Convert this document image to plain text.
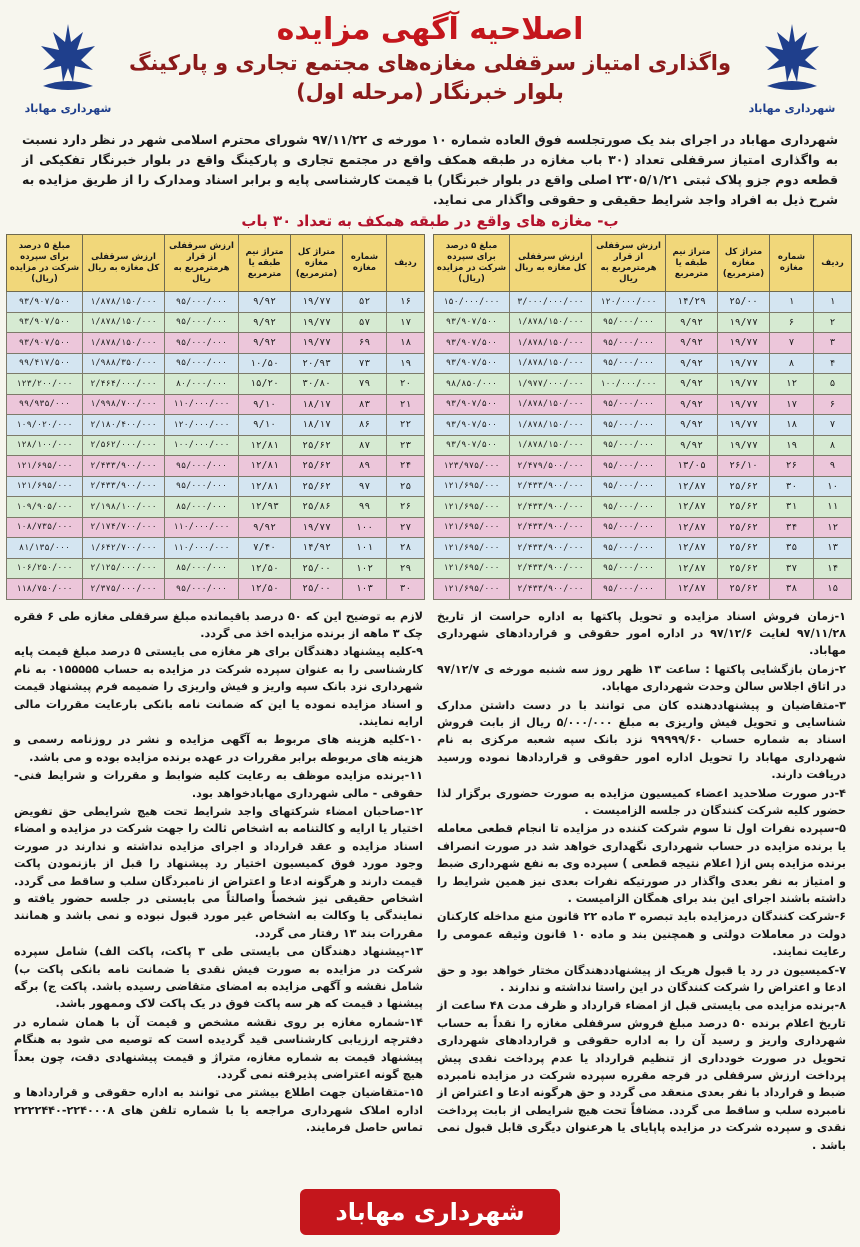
شهرداری مهاباد
شهرداری مهاباد
اصلاحیه آگهی مزایده
واگذاری امتیاز سرقفلی مغازه‌های مجتمع تجاری و پارکینگ
بلوار خبرنگار (مرحله اول)
شهرداری مهاباد در اجرای بند یک صورتجلسه فوق العاده شماره ۱۰ مورخه ی ۹۷/۱۱/۲۲ شورای محترم اسلامی شهر در نظر دارد نسبت به واگذاری امتیاز سرقفلی تعداد (۳۰ باب مغازه در طبقه همکف واقع در مجتمع تجاری و پارکینگ واقع در بلوار خبرنگار تفکیکی از قطعه دوم جزو پلاک ثبتی ۲۳۰۵/۱/۲۱ اصلی واقع در بلوار خبرنگار) با قیمت کارشناسی پایه و برابر اسناد ومدارک را از طریق مزایده به شرح ذیل به افراد واجد شرایط حقیقی و حقوقی واگذار می نماید.
ب- مغازه های واقع در طبقه همکف به تعداد ۳۰ باب
ردیف	شماره مغازه	متراژ کل مغازه (مترمربع)	متراژ نیم طبقه یا مترمربع	ارزش سرقفلی از قرار هرمترمربع به ریال	ارزش سرقفلی کل مغازه به ریال	مبلغ ۵ درصد برای سپرده شرکت در مزایده (ریال)
۱	۱	۲۵/۰۰	۱۴/۲۹	۱۲۰/۰۰۰/۰۰۰	۳/۰۰۰/۰۰۰/۰۰۰	۱۵۰/۰۰۰/۰۰۰
۲	۶	۱۹/۷۷	۹/۹۲	۹۵/۰۰۰/۰۰۰	۱/۸۷۸/۱۵۰/۰۰۰	۹۳/۹۰۷/۵۰۰
۳	۷	۱۹/۷۷	۹/۹۲	۹۵/۰۰۰/۰۰۰	۱/۸۷۸/۱۵۰/۰۰۰	۹۳/۹۰۷/۵۰۰
۴	۸	۱۹/۷۷	۹/۹۲	۹۵/۰۰۰/۰۰۰	۱/۸۷۸/۱۵۰/۰۰۰	۹۳/۹۰۷/۵۰۰
۵	۱۲	۱۹/۷۷	۹/۹۲	۱۰۰/۰۰۰/۰۰۰	۱/۹۷۷/۰۰۰/۰۰۰	۹۸/۸۵۰/۰۰۰
۶	۱۷	۱۹/۷۷	۹/۹۲	۹۵/۰۰۰/۰۰۰	۱/۸۷۸/۱۵۰/۰۰۰	۹۳/۹۰۷/۵۰۰
۷	۱۸	۱۹/۷۷	۹/۹۲	۹۵/۰۰۰/۰۰۰	۱/۸۷۸/۱۵۰/۰۰۰	۹۳/۹۰۷/۵۰۰
۸	۱۹	۱۹/۷۷	۹/۹۲	۹۵/۰۰۰/۰۰۰	۱/۸۷۸/۱۵۰/۰۰۰	۹۳/۹۰۷/۵۰۰
۹	۲۶	۲۶/۱۰	۱۳/۰۵	۹۵/۰۰۰/۰۰۰	۲/۴۷۹/۵۰۰/۰۰۰	۱۲۳/۹۷۵/۰۰۰
۱۰	۳۰	۲۵/۶۲	۱۲/۸۷	۹۵/۰۰۰/۰۰۰	۲/۴۳۳/۹۰۰/۰۰۰	۱۲۱/۶۹۵/۰۰۰
۱۱	۳۱	۲۵/۶۲	۱۲/۸۷	۹۵/۰۰۰/۰۰۰	۲/۴۳۳/۹۰۰/۰۰۰	۱۲۱/۶۹۵/۰۰۰
۱۲	۳۴	۲۵/۶۲	۱۲/۸۷	۹۵/۰۰۰/۰۰۰	۲/۴۳۳/۹۰۰/۰۰۰	۱۲۱/۶۹۵/۰۰۰
۱۳	۳۵	۲۵/۶۲	۱۲/۸۷	۹۵/۰۰۰/۰۰۰	۲/۴۳۳/۹۰۰/۰۰۰	۱۲۱/۶۹۵/۰۰۰
۱۴	۳۷	۲۵/۶۲	۱۲/۸۷	۹۵/۰۰۰/۰۰۰	۲/۴۳۳/۹۰۰/۰۰۰	۱۲۱/۶۹۵/۰۰۰
۱۵	۳۸	۲۵/۶۲	۱۲/۸۷	۹۵/۰۰۰/۰۰۰	۲/۴۳۳/۹۰۰/۰۰۰	۱۲۱/۶۹۵/۰۰۰
ردیف	شماره مغازه	متراژ کل مغازه (مترمربع)	متراژ نیم طبقه یا مترمربع	ارزش سرقفلی از قرار هرمترمربع به ریال	ارزش سرقفلی کل مغازه به ریال	مبلغ ۵ درصد برای سپرده شرکت در مزایده (ریال)
۱۶	۵۲	۱۹/۷۷	۹/۹۲	۹۵/۰۰۰/۰۰۰	۱/۸۷۸/۱۵۰/۰۰۰	۹۳/۹۰۷/۵۰۰
۱۷	۵۷	۱۹/۷۷	۹/۹۲	۹۵/۰۰۰/۰۰۰	۱/۸۷۸/۱۵۰/۰۰۰	۹۳/۹۰۷/۵۰۰
۱۸	۶۹	۱۹/۷۷	۹/۹۲	۹۵/۰۰۰/۰۰۰	۱/۸۷۸/۱۵۰/۰۰۰	۹۳/۹۰۷/۵۰۰
۱۹	۷۳	۲۰/۹۳	۱۰/۵۰	۹۵/۰۰۰/۰۰۰	۱/۹۸۸/۳۵۰/۰۰۰	۹۹/۴۱۷/۵۰۰
۲۰	۷۹	۳۰/۸۰	۱۵/۲۰	۸۰/۰۰۰/۰۰۰	۲/۴۶۴/۰۰۰/۰۰۰	۱۲۳/۲۰۰/۰۰۰
۲۱	۸۳	۱۸/۱۷	۹/۱۰	۱۱۰/۰۰۰/۰۰۰	۱/۹۹۸/۷۰۰/۰۰۰	۹۹/۹۳۵/۰۰۰
۲۲	۸۶	۱۸/۱۷	۹/۱۰	۱۲۰/۰۰۰/۰۰۰	۲/۱۸۰/۴۰۰/۰۰۰	۱۰۹/۰۲۰/۰۰۰
۲۳	۸۷	۲۵/۶۲	۱۲/۸۱	۱۰۰/۰۰۰/۰۰۰	۲/۵۶۲/۰۰۰/۰۰۰	۱۲۸/۱۰۰/۰۰۰
۲۴	۸۹	۲۵/۶۲	۱۲/۸۱	۹۵/۰۰۰/۰۰۰	۲/۴۳۳/۹۰۰/۰۰۰	۱۲۱/۶۹۵/۰۰۰
۲۵	۹۷	۲۵/۶۲	۱۲/۸۱	۹۵/۰۰۰/۰۰۰	۲/۴۳۳/۹۰۰/۰۰۰	۱۲۱/۶۹۵/۰۰۰
۲۶	۹۹	۲۵/۸۶	۱۲/۹۳	۸۵/۰۰۰/۰۰۰	۲/۱۹۸/۱۰۰/۰۰۰	۱۰۹/۹۰۵/۰۰۰
۲۷	۱۰۰	۱۹/۷۷	۹/۹۲	۱۱۰/۰۰۰/۰۰۰	۲/۱۷۴/۷۰۰/۰۰۰	۱۰۸/۷۳۵/۰۰۰
۲۸	۱۰۱	۱۴/۹۲	۷/۴۰	۱۱۰/۰۰۰/۰۰۰	۱/۶۴۲/۷۰۰/۰۰۰	۸۱/۱۳۵/۰۰۰
۲۹	۱۰۲	۲۵/۰۰	۱۲/۵۰	۸۵/۰۰۰/۰۰۰	۲/۱۲۵/۰۰۰/۰۰۰	۱۰۶/۲۵۰/۰۰۰
۳۰	۱۰۳	۲۵/۰۰	۱۲/۵۰	۹۵/۰۰۰/۰۰۰	۲/۳۷۵/۰۰۰/۰۰۰	۱۱۸/۷۵۰/۰۰۰

۱-زمان فروش اسناد مزایده و تحویل پاکتها به اداره حراست از تاریخ ۹۷/۱۱/۲۸ لغایت ۹۷/۱۲/۶ در اداره امور حقوقی و قراردادهای شهرداری مهاباد.

۲-زمان بازگشایی پاکتها : ساعت ۱۳ ظهر روز سه شنبه مورخه ی ۹۷/۱۲/۷ در اتاق اجلاس سالن وحدت شهرداری مهاباد.

۳-متقاضیان و پیشنهاددهنده کان می توانند با در دست داشتن مدارک شناسایی و تحویل فیش واریزی به مبلغ ۵/۰۰۰/۰۰۰ ریال از بابت فروش اسناد به شماره حساب ۹۹۹۹۹/۶۰ نزد بانک سپه شعبه مرکزی به نام شهرداری مهاباد را تحویل اداره امور حقوقی و قراردادها نموده ورسید دریافت دارند.

۴-در صورت صلاحدید اعضاء کمیسیون مزایده به صورت حضوری برگزار لذا حضور کلیه شرکت کنندگان در جلسه الزامیست .

۵-سپرده نفرات اول تا سوم شرکت کننده در مزایده تا انجام قطعی معامله یا برنده مزایده در حساب شهرداری نگهداری خواهد شد در صورت انصراف برنده مزایده پس از( اعلام نتیجه قطعی ) سپرده وی به نفع شهرداری ضبط و امتیاز به نفر بعدی واگذار در صورتیکه نفرات بعدی نیز همین شرایط را داشته باشند اجرای این بند برای همگان الزامیست .

۶-شرکت کنندگان درمزایده باید تبصره ۳ ماده ۲۲ قانون منع مداخله کارکنان دولت در معاملات دولتی و همچنین بند و ماده ۱۰ قانون وثیقه عمومی را رعایت نمایند.

۷-کمیسیون در رد یا قبول هریک از پیشنهاددهندگان مختار خواهد بود و حق ادعا و اعتراض را شرکت کنندگان در این راستا نداشته و ندارند .

۸-برنده مزایده می بایستی قبل از امضاء قرارداد و ظرف مدت ۴۸ ساعت از تاریخ اعلام برنده ۵۰ درصد مبلغ فروش سرقفلی مغازه را نقداً به حساب شهرداری واریز و رسید آن را به اداره حقوقی و قراردادهای شهرداری تحویل در صورت خودداری از تنظیم قرارداد یا عدم پرداخت نقدی پیش پرداخت ارزش سرقفلی در فرجه مقرره سپرده شرکت در مزایده نامبرده ضبط و قرارداد با نفر بعدی منعقد می گردد و حق هرگونه ادعا و اعتراض از نامبرده سلب و ساقط می گردد. مضافاً تحت هیچ شرایطی از بابت پرداخت نقدی و سپرده شرکت در مزایده پاپایای یا هرعنوان دیگری قابل قبول نمی باشد .

لازم به توضیح این که ۵۰ درصد باقیمانده مبلغ سرقفلی مغازه طی ۶ فقره چک ۳ ماهه از برنده مزایده اخذ می گردد.

۹-کلیه پیشنهاد دهندگان برای هر مغازه می بایستی ۵ درصد مبلغ قیمت پایه کارشناسی را به عنوان سپرده شرکت در مزایده به حساب ۰۱۵۵۵۵۵ به نام شهرداری نزد بانک سپه واریز و فیش واریزی را ضمیمه فرم پیشنهاد قیمت و اسناد مزایده نموده یا این که ضمانت نامه بانکی بارعایت مقررات مالی ارایه نمایند.

۱۰-کلیه هزینه های مربوط به آگهی مزایده و نشر در روزنامه رسمی و هزینه های مربوطه برابر مقررات در عهده برنده مزایده بوده و می باشد.

۱۱-برنده مزایده موظف به رعایت کلیه ضوابط و مقررات و شرایط فنی-حقوقی - مالی شهرداری مهابادخواهد بود.

۱۲-صاحبان امضاء شرکتهای واجد شرایط تحت هیچ شرایطی حق تفویض اختیار یا ارایه و کالتنامه به اشخاص ثالث را جهت شرکت در مزایده و امضاء اسناد مزایده و عقد قرارداد و اجرای مزایده نداشته و ندارند در صورت وجود مورد فوق کمیسیون اختیار رد پیشنهاد را قبل از بازنمودن پاکت قیمت دارند و هرگونه ادعا و اعتراض از نامبردگان سلب و ساقط می گردد. اشخاص حقیقی نیز شخصاً واصالتاً می بایستی در جلسه حضور یافته و نمایندگی یا وکالت به اشخاص غیر مورد قبول نبوده و نمی باشد و همانند مقررات بند ۱۳ رفتار می گردد.

۱۳-پیشنهاد دهندگان می بایستی طی ۳ پاکت، پاکت الف) شامل سپرده شرکت در مزایده به صورت فیش نقدی یا ضمانت نامه بانکی پاکت ب) شامل نقشه و آگهی مزایده به امضای متقاضی رسیده باشد. پاکت ج) برگه پیشنها د قیمت که هر سه پاکت فوق در یک پاکت لاک وممهور باشد.

۱۴-شماره مغازه بر روی نقشه مشخص و قیمت آن با همان شماره در دفترچه ارزیابی کارشناسی قید گردیده است که توصیه می شود به هنگام پیشنهاد قیمت به شماره مغازه، متراژ و قیمت پیشنهادی دقت، چون بعداً هیچ گونه اعتراضی پذیرفته نمی گردد.

۱۵-متقاضیان جهت اطلاع بیشتر می توانند به اداره حقوقی و قراردادها و اداره املاک شهرداری مراجعه یا با شماره تلفن های ۲۲۴۰۰۰۸-۲۲۲۲۴۴۰ تماس حاصل فرمایند.

شهرداری مهاباد
